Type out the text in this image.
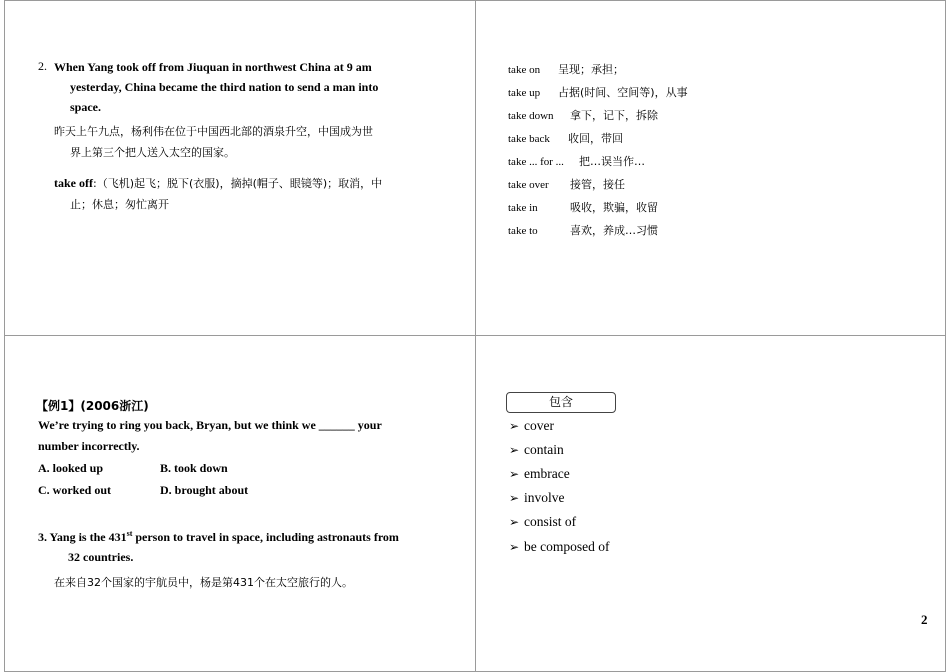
2. When Yang took off from Jiuquan in northwest China at 9 am
yesterday, China became the third nation to send a man into
space.
昨天上午九点，杨利伟在位于中国西北部的酒泉升空，中国成为世
界上第三个把人送入太空的国家。
take off:（飞机)起飞；脱下(衣服)，摘掉(帽子、眼镜等)；取消，中
止；休息；匆忙离开
take on 呈现；承担；
take up 占据(时间、空间等)，从事
take down 拿下，记下，拆除
take back 收回，带回
take ... for ... 把…误当作…
take over 接管，接任
take in	吸收，欺骗，收留
take to	喜欢，养成…习惯
【例1】(2006浙江)
We’re trying to ring you back, Bryan, but we think we ______ your
number incorrectly.
A. looked up	B. took down
C. worked out	D. brought about
3. Yang is the 431st person to travel in space, including astronauts from
32 countries.
在来自32个国家的宇航员中，杨是第431个在太空旅行的人。
包含
➢ cover
➢ contain
➢ embrace
➢ involve
➢ consist of
➢ be composed of
2
